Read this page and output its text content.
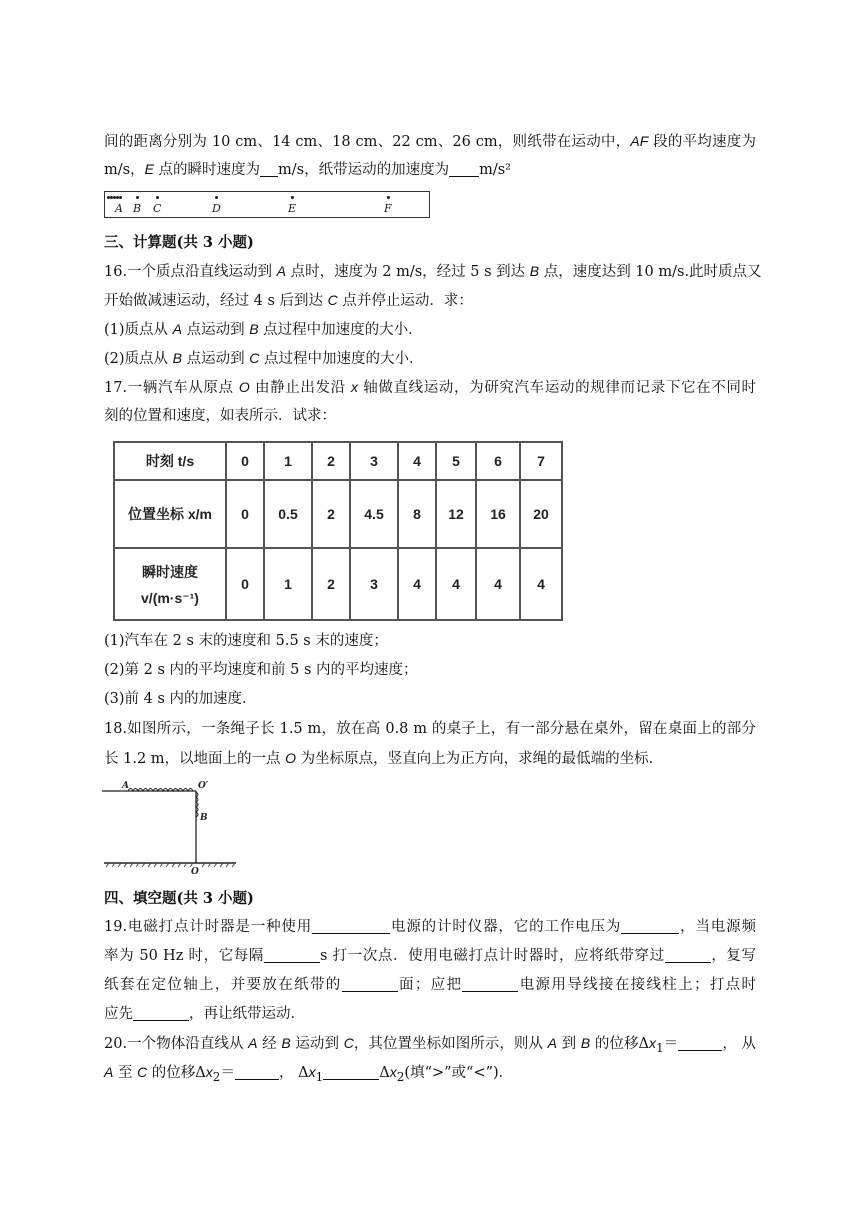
间的距离分别为 10 cm、14 cm、18 cm、22 cm、26 cm，则纸带在运动中，AF 段的平均速度为
m/s，E 点的瞬时速度为 m/s，纸带运动的加速度为 m/s²
A B C	D	E	F
三、计算题(共 3 小题)
16.一个质点沿直线运动到 A 点时，速度为 2 m/s，经过 5 s 到达 B 点，速度达到 10 m/s.此时质点又
开始做减速运动，经过 4 s 后到达 C 点并停止运动．求：
(1)质点从 A 点运动到 B 点过程中加速度的大小．
(2)质点从 B 点运动到 C 点过程中加速度的大小．
17.一辆汽车从原点 O 由静止出发沿 x 轴做直线运动，为研究汽车运动的规律而记录下它在不同时
刻的位置和速度，如表所示．试求：
时刻 t/s	0	1	2	3	4	5	6	7
位置坐标 x/m	0	0.5	2	4.5	8	12	16	20

瞬时速度
v/(m·s⁻¹)	0	1	2	3	4	4	4	4
(1)汽车在 2 s 末的速度和 5.5 s 末的速度；
(2)第 2 s 内的平均速度和前 5 s 内的平均速度；
(3)前 4 s 内的加速度．
18.如图所示，一条绳子长 1.5 m，放在高 0.8 m 的桌子上，有一部分悬在桌外，留在桌面上的部分
长 1.2 m，以地面上的一点 O 为坐标原点，竖直向上为正方向，求绳的最低端的坐标．
A	O′
B
O
四、填空题(共 3 小题)
19.电磁打点计时器是一种使用	电源的计时仪器，它的工作电压为	，当电源频
率为 50 Hz 时，它每隔	s 打一次点．使用电磁打点计时器时，应将纸带穿过	，复写
纸套在定位轴上，并要放在纸带的	面；应把	电源用导线接在接线柱上；打点时
应先	，再让纸带运动．
20.一个物体沿直线从 A 经 B 运动到 C，其位置坐标如图所示，则从 A 到 B 的位移$\Delta x_1=$	， 从
A 至 C 的位移$\Delta x_2=$	， $\Delta x_1$	$\Delta x_2$(填“>”或“<”)．
